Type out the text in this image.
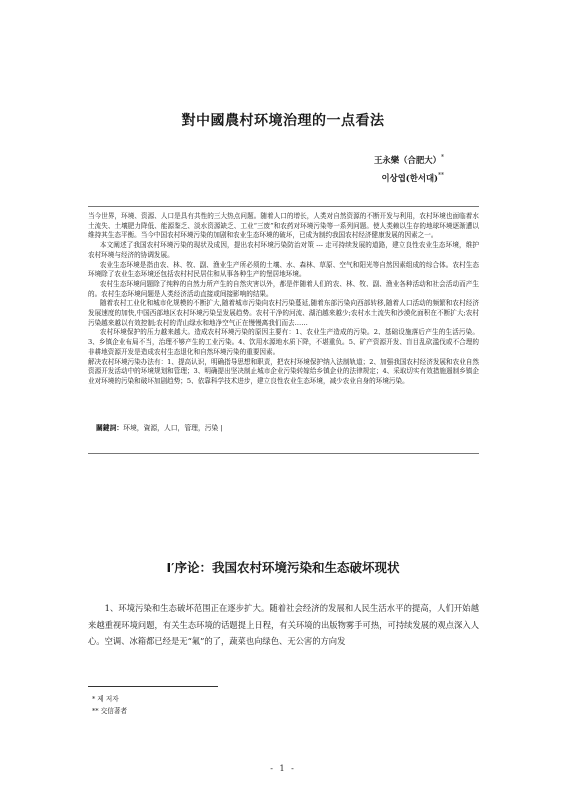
對中國農村环境治理的一点看法
王永樂（合肥大）*
이상엽(한서대)**

当今世界，环境、资源、人口是具有共性的三大热点问题。随着人口的增长，人类对自然资源的不断开发与利用，农村环境也面临着水土流失、土壤肥力降低、能源鉴乏、淡水资源缺乏、工业“三废”和农药对环境污染等一系列问题。使人类赖以生存的地球环境逐渐遭以维持其生态平衡。当今中国农村环境污染的加剧和农业生态环境的破坏，已成为制约我国农村经济健康发展的因素之一。

本文阐述了我国农村环境污染的现状及成因，提出农村环境污染防治对策 --- 走可持续发展的道路，建立良性农业生态环境，维护农村环境与经济的协调发展。

农业生态环境是指由农、林、牧、副、渔业生产所必须的土壤、水、森林、草原、空气和阳光等自然因素组成的综合体。农村生态环境除了农业生态环境还包括农村村民居住和从事各种生产的堡居地环境。

农村生态环境问题除了纯粹的自然力所产生的自然灾害以外，都是伴随着人们的农、林、牧、副、渔业各种活动和社会活动而产生的。农村生态环境问题是人类经济活动直接或间接影响的结果。

随着农村工业化和城市化规模的不断扩大,随着城市污染向农村污染蔓延,随着东部污染向西部转移,随着人口活动的频繁和农村经济发展速度的加快,中国西部地区农村环境污染呈发展趋势。农村干净的河流、湖泊越来越少;农村水土流失和沙漠化面积在不断扩大;农村污染越来越以有效控制;农村的青山绿水和地净空气正在慢慢离我们而去……

农村环境保护的压力越来越大。造成农村环境污染的原因主要有：1、农业生产造成的污染。2、基础设施落后产生的生活污染。3、乡镇企业布局不当，治理不够产生的工业污染。4、饮用水源地水质下降，不堪重负。5、矿产资源开发、盲目乱砍滥伐或不合理的非耕地资源开发是造成农村生态退化和自然环境污染的重要因素。

解决农村环境污染办法有：1、提高认识，明确指导思想和职责，把农村环境保护纳入法制轨道；2、加强我国农村经济发展和农业自然资源开发活动中的环境规划和管理；3、明确提出坚决制止城市企业污染转嫁给乡镇企业的法律规定；4、采取切实有效措施遏制乡镇企业对环境的污染和破坏加剧趋势；5、依靠科学技术进步，建立良性农业生态环境，减少农业自身的环境污染。

關鍵詞：环境，資源，人口，管理，污染 |
Ⅰ′序论：我国农村环境污染和生态破坏现状

1、环境污染和生态破坏范围正在逐步扩大。随着社会经济的发展和人民生活水平的提高，人们开始越来越重视环境问题，有关生态环境的话题提上日程，有关环境的出版物雾手可热，可持续发展的观点深入人心。空调、冰箱都已经是无“氟”的了，蔬菜也向绿色、无公害的方向发

* 제 저자
** 交信著者
- 1 -
